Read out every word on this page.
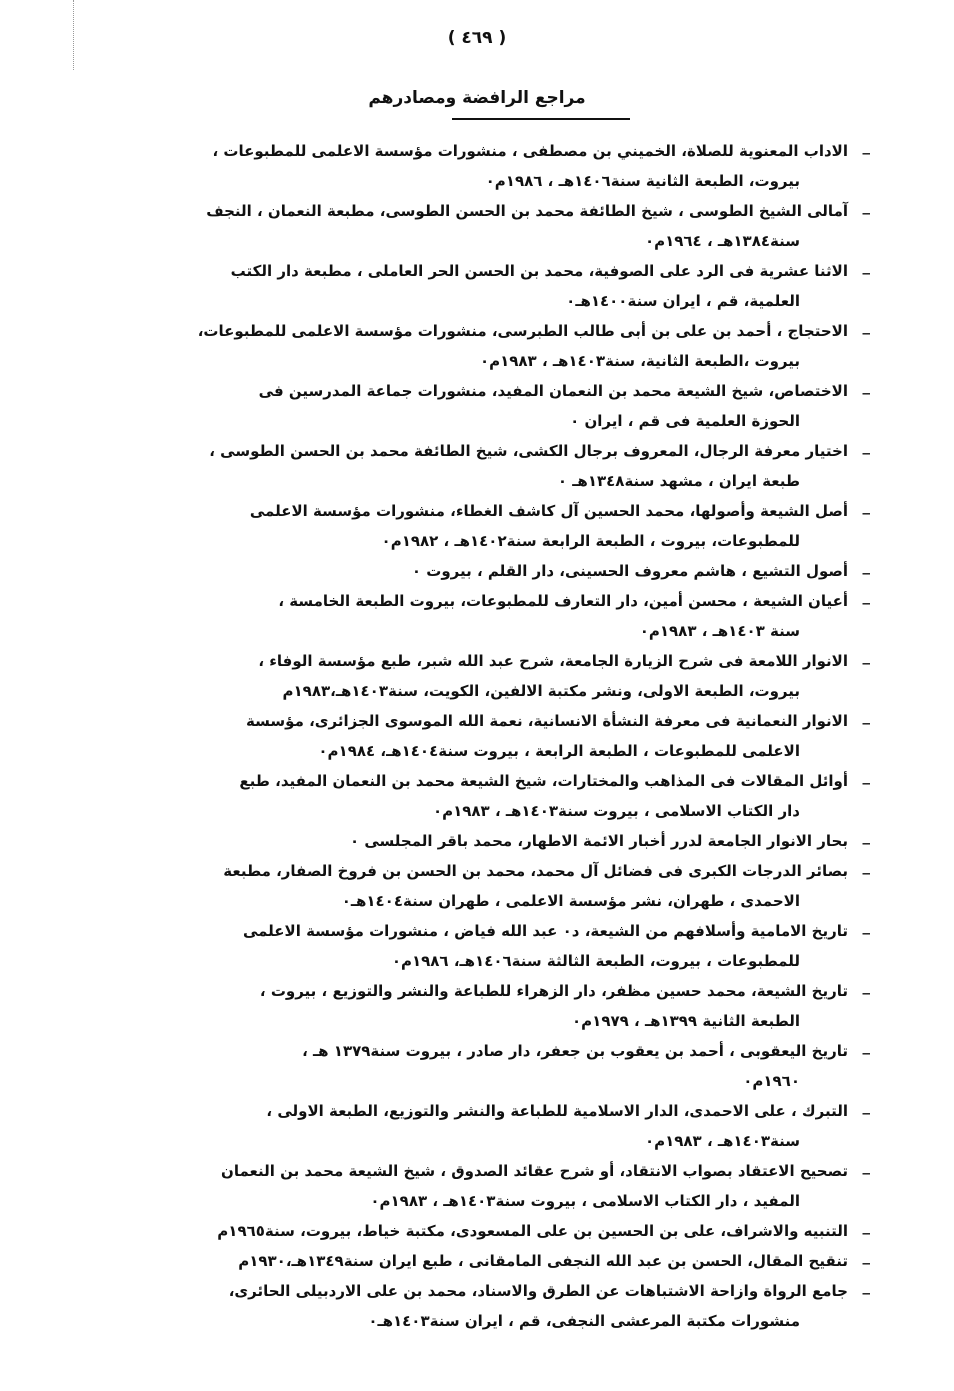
( ٤٦٩ )
مراجع الرافضة ومصادرهم
_
الاداب المعنوية للصلاة، الخميني بن مصطفى ، منشورات مؤسسة الاعلمى للمطبوعات ،
بيروت، الطبعة الثانية سنة١٤٠٦هـ ، ١٩٨٦م٠
_
آمالى الشيخ الطوسى ، شيخ الطائفة محمد بن الحسن الطوسى، مطبعة النعمان ، النجف
سنة١٣٨٤هـ ، ١٩٦٤م٠
_
الاثنا عشرية فى الرد على الصوفية، محمد بن الحسن الحر العاملى ، مطبعة دار الكتب
العلمية، قم ، ايران سنة١٤٠٠هـ٠
_
الاحتجاج ، أحمد بن على بن أبى طالب الطبرسى، منشورات مؤسسة الاعلمى للمطبوعات،
بيروت ،الطبعة الثانية، سنة١٤٠٣هـ ، ١٩٨٣م٠
_
الاختصاص، شيخ الشيعة محمد بن النعمان المفيد، منشورات جماعة المدرسين فى
الحوزة العلمية فى قم ، ايران ٠
_
اختيار معرفة الرجال، المعروف برجال الكشى، شيخ الطائفة محمد بن الحسن الطوسى ،
طبعة ايران ، مشهد سنة١٣٤٨هـ ٠
_
أصل الشيعة وأصولها، محمد الحسين آل كاشف الغطاء، منشورات مؤسسة الاعلمى
للمطبوعات، بيروت ، الطبعة الرابعة سنة١٤٠٢هـ ، ١٩٨٢م٠
_
أصول التشيع ، هاشم معروف الحسينى، دار القلم ، بيروت ٠
_
أعيان الشيعة ، محسن أمين، دار التعارف للمطبوعات، بيروت الطبعة الخامسة ،
سنة ١٤٠٣هـ ، ١٩٨٣م٠
_
الانوار اللامعة فى شرح الزيارة الجامعة، شرح عبد الله شبر، طبع مؤسسة الوفاء ،
بيروت، الطبعة الاولى، ونشر مكتبة الالفين، الكويت، سنة١٤٠٣هـ،١٩٨٣م
_
الانوار النعمانية فى معرفة النشأة الانسانية، نعمة الله الموسوى الجزائرى، مؤسسة
الاعلمى للمطبوعات ، الطبعة الرابعة ، بيروت سنة١٤٠٤هـ، ١٩٨٤م٠
_
أوائل المقالات فى المذاهب والمختارات، شيخ الشيعة محمد بن النعمان المفيد، طبع
دار الكتاب الاسلامى ، بيروت سنة١٤٠٣هـ ، ١٩٨٣م٠
_
بحار الانوار الجامعة لدرر أخبار الائمة الاطهار، محمد باقر المجلسى ٠
_
بصائر الدرجات الكبرى فى فضائل آل محمد، محمد بن الحسن بن فروخ الصفار، مطبعة
الاحمدى ، طهران، نشر مؤسسة الاعلمى ، طهران سنة١٤٠٤هـ٠
_
تاريخ الامامية وأسلافهم من الشيعة، د٠ عبد الله فياض ، منشورات مؤسسة الاعلمى
للمطبوعات ، بيروت، الطبعة الثالثة سنة١٤٠٦هـ، ١٩٨٦م٠
_
تاريخ الشيعة، محمد حسين مظفر، دار الزهراء للطباعة والنشر والتوزيع ، بيروت ،
الطبعة الثانية ١٣٩٩هـ ، ١٩٧٩م٠
_
تاريخ اليعقوبى ، أحمد بن يعقوب بن جعفر، دار صادر ، بيروت سنة١٣٧٩ هـ ،
١٩٦٠م٠
_
التبرك ، على الاحمدى، الدار الاسلامية للطباعة والنشر والتوزيع، الطبعة الاولى ،
سنة١٤٠٣هـ ، ١٩٨٣م٠
_
تصحيح الاعتقاد بصواب الانتقاد، أو شرح عقائد الصدوق ، شيخ الشيعة محمد بن النعمان
المفيد ، دار الكتاب الاسلامى ، بيروت سنة١٤٠٣هـ ، ١٩٨٣م٠
_
التنبيه والاشراف، على بن الحسين بن على المسعودى، مكتبة خياط، بيروت، سنة١٩٦٥م
_
تنقيح المقال، الحسن بن عبد الله النجفى المامقانى ، طبع ايران سنة١٣٤٩هـ،١٩٣٠م
_
جامع الرواة وازاحة الاشتباهات عن الطرق والاسناد، محمد بن على الاردبيلى الحائرى،
منشورات مكتبة المرعشى النجفى، قم ، ايران سنة١٤٠٣هـ٠
